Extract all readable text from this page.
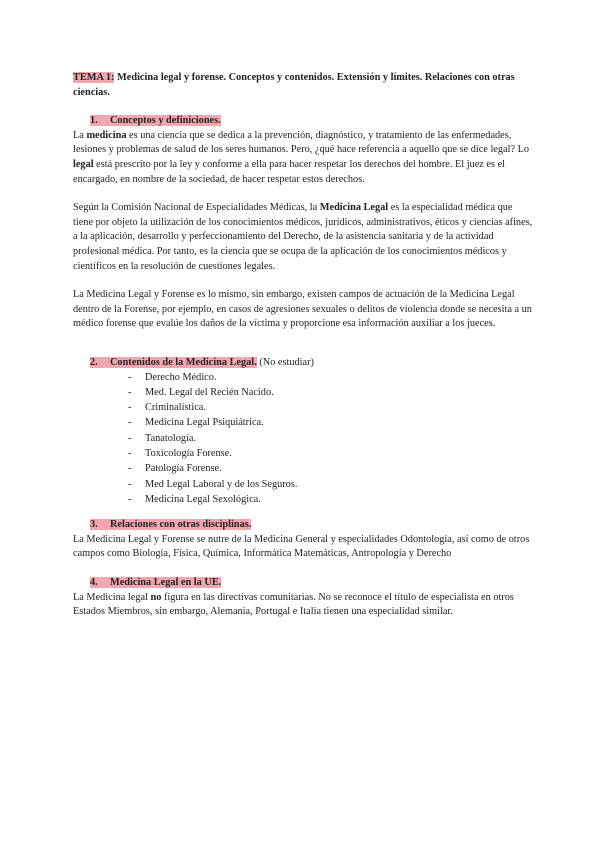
TEMA 1: Medicina legal y forense. Conceptos y contenidos. Extensión y límites. Relaciones con otras ciencias.

1. Conceptos y definiciones.

La medicina es una ciencia que se dedica a la prevención, diagnóstico, y tratamiento de las enfermedades, lesiones y problemas de salud de los seres humanos. Pero, ¿qué hace referencia a aquello que se dice legal? Lo legal está prescrito por la ley y conforme a ella para hacer respetar los derechos del hombre. El juez es el encargado, en nombre de la sociedad, de hacer respetar estos derechos.

Según la Comisión Nacional de Especialidades Médicas, la Medicina Legal es la especialidad médica que tiene por objeto la utilización de los conocimientos médicos, jurídicos, administrativos, éticos y ciencias afines, a la aplicación, desarrollo y perfeccionamiento del Derecho, de la asistencia sanitaria y de la actividad profesional médica. Por tanto, es la ciencia que se ocupa de la aplicación de los conocimientos médicos y científicos en la resolución de cuestiones legales.

La Medicina Legal y Forense es lo mismo, sin embargo, existen campos de actuación de la Medicina Legal dentro de la Forense, por ejemplo, en casos de agresiones sexuales o delitos de violencia donde se necesita a un médico forense que evalúe los daños de la víctima y proporcione esa información auxiliar a los jueces.

2. Contenidos de la Medicina Legal. (No estudiar)
- Derecho Médico.
- Med. Legal del Recién Nacido.
- Criminalística.
- Medicina Legal Psiquiátrica.
- Tanatología.
- Toxicología Forense.
- Patología Forense.
- Med Legal Laboral y de los Seguros.
- Medicina Legal Sexológica.
3. Relaciones con otras disciplinas.

La Medicina Legal y Forense se nutre de la Medicina General y especialidades Odontología, así como de otros campos como Biología, Física, Química, Informática Matemáticas, Antropología y Derecho

4. Medicina Legal en la UE.

La Medicina legal no figura en las directivas comunitarias. No se reconoce el título de especialista en otros Estados Miembros, sin embargo, Alemania, Portugal e Italia tienen una especialidad similar.
